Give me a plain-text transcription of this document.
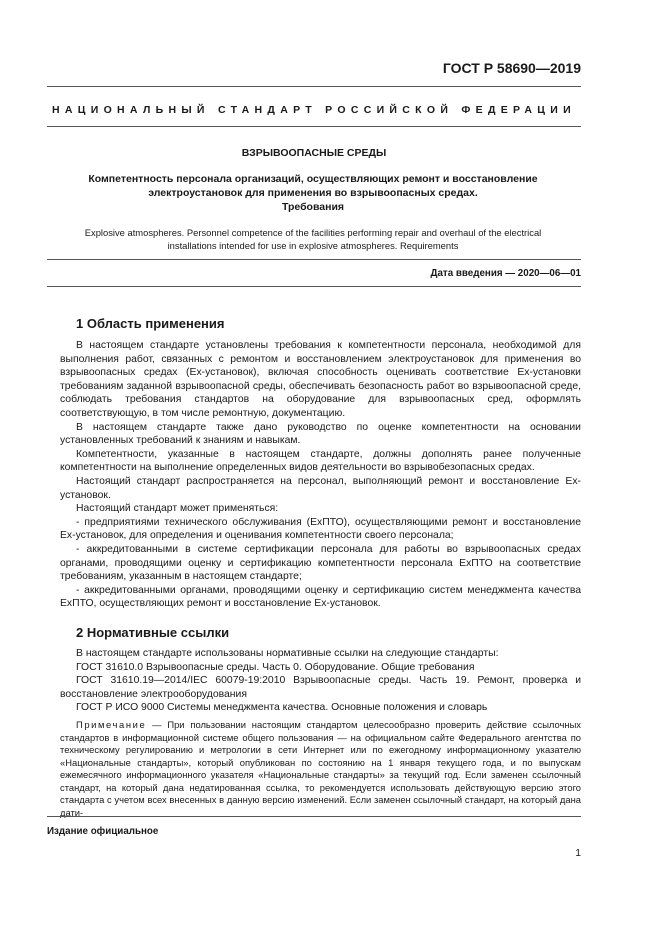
ГОСТ Р 58690—2019
НАЦИОНАЛЬНЫЙ СТАНДАРТ РОССИЙСКОЙ ФЕДЕРАЦИИ
ВЗРЫВООПАСНЫЕ СРЕДЫ
Компетентность персонала организаций, осуществляющих ремонт и восстановление электроустановок для применения во взрывоопасных средах.
Требования
Explosive atmospheres. Personnel competence of the facilities performing repair and overhaul of the electrical installations intended for use in explosive atmospheres. Requirements
Дата введения — 2020—06—01
1 Область применения

В настоящем стандарте установлены требования к компетентности персонала, необходимой для выполнения работ, связанных с ремонтом и восстановлением электроустановок для применения во взрывоопасных средах (Ех-установок), включая способность оценивать соответствие Ех-установки требованиям заданной взрывоопасной среды, обеспечивать безопасность работ во взрывоопасной среде, соблюдать требования стандартов на оборудование для взрывоопасных сред, оформлять соответствующую, в том числе ремонтную, документацию.

В настоящем стандарте также дано руководство по оценке компетентности на основании установленных требований к знаниям и навыкам.

Компетентности, указанные в настоящем стандарте, должны дополнять ранее полученные компетентности на выполнение определенных видов деятельности во взрывобезопасных средах.

Настоящий стандарт распространяется на персонал, выполняющий ремонт и восстановление Ех-установок.

Настоящий стандарт может применяться:

- предприятиями технического обслуживания (ЕхПТО), осуществляющими ремонт и восстановление Ех-установок, для определения и оценивания компетентности своего персонала;

- аккредитованными в системе сертификации персонала для работы во взрывоопасных средах органами, проводящими оценку и сертификацию компетентности персонала ЕхПТО на соответствие требованиям, указанным в настоящем стандарте;

- аккредитованными органами, проводящими оценку и сертификацию систем менеджмента качества ЕхПТО, осуществляющих ремонт и восстановление Ех-установок.

2 Нормативные ссылки

В настоящем стандарте использованы нормативные ссылки на следующие стандарты:

ГОСТ 31610.0 Взрывоопасные среды. Часть 0. Оборудование. Общие требования

ГОСТ 31610.19—2014/IEC 60079-19:2010 Взрывоопасные среды. Часть 19. Ремонт, проверка и восстановление электрооборудования

ГОСТ Р ИСО 9000 Системы менеджмента качества. Основные положения и словарь

Примечание — При пользовании настоящим стандартом целесообразно проверить действие ссылочных стандартов в информационной системе общего пользования — на официальном сайте Федерального агентства по техническому регулированию и метрологии в сети Интернет или по ежегодному информационному указателю «Национальные стандарты», который опубликован по состоянию на 1 января текущего года, и по выпускам ежемесячного информационного указателя «Национальные стандарты» за текущий год. Если заменен ссылочный стандарт, на который дана недатированная ссылка, то рекомендуется использовать действующую версию этого стандарта с учетом всех внесенных в данную версию изменений. Если заменен ссылочный стандарт, на который дана дати-

Издание официальное
1
